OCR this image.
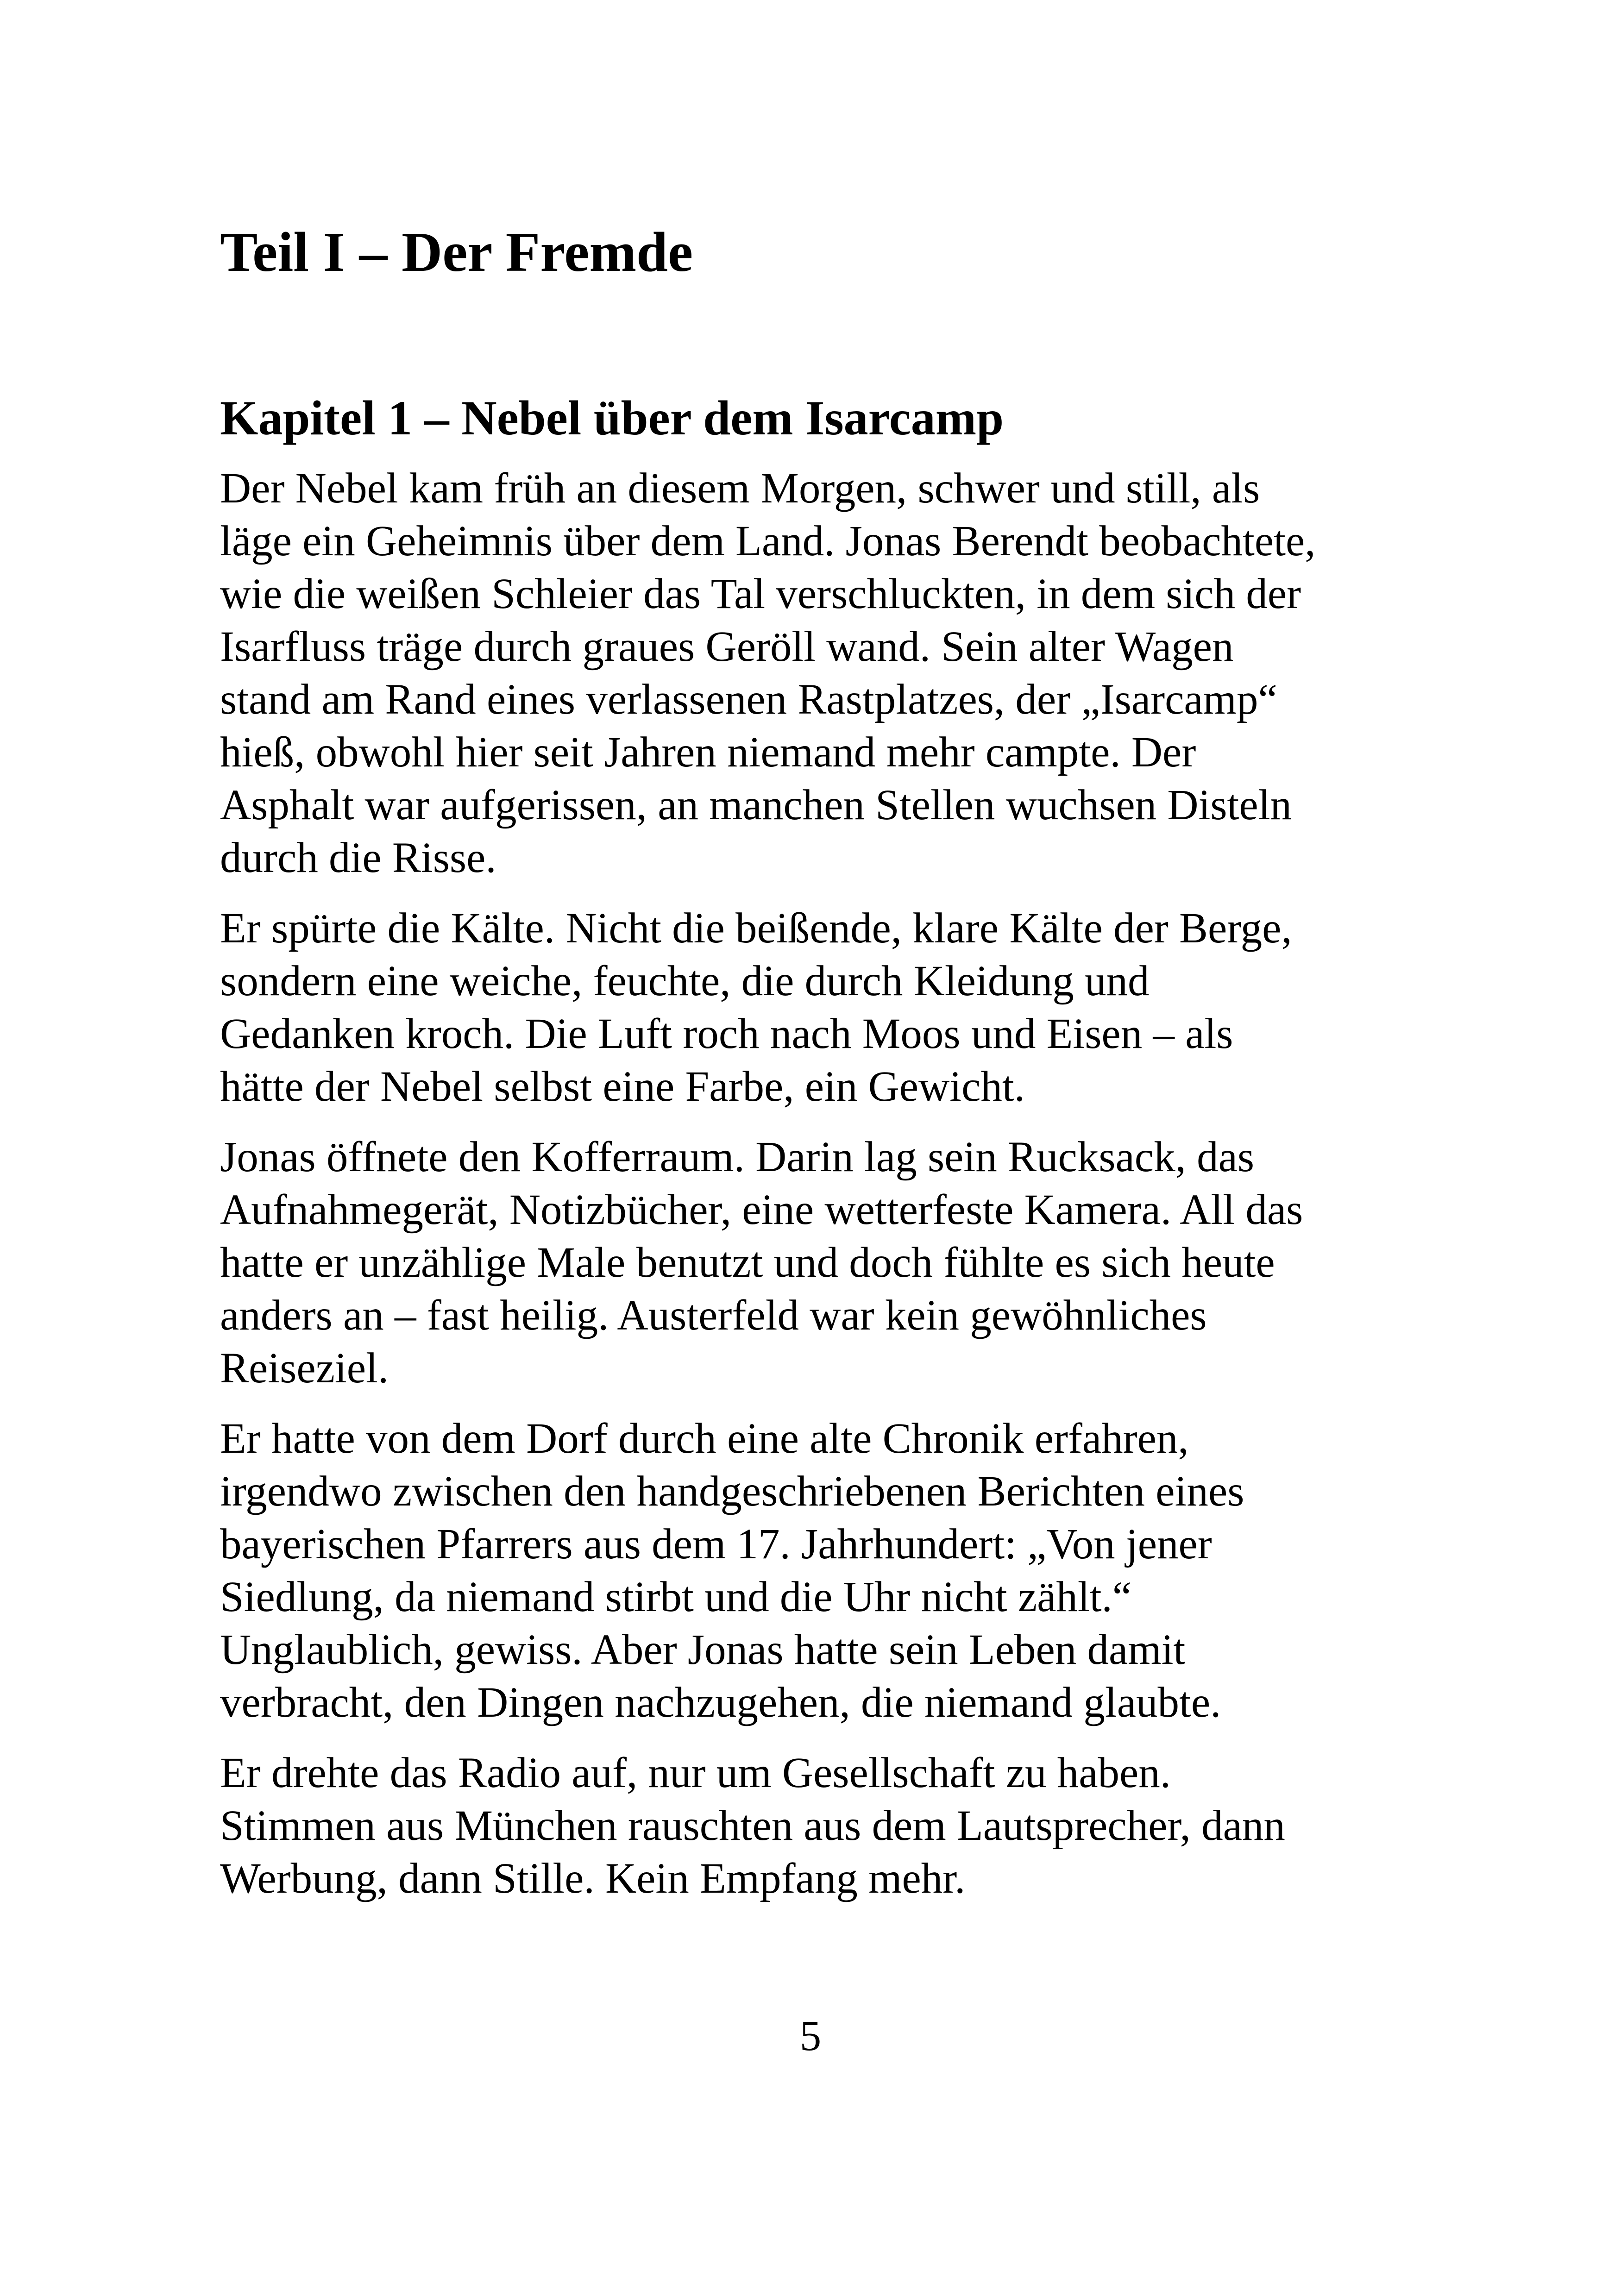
Teil I – Der Fremde
Kapitel 1 – Nebel über dem Isarcamp

Der Nebel kam früh an diesem Morgen, schwer und still, als
läge ein Geheimnis über dem Land. Jonas Berendt beobachtete,
wie die weißen Schleier das Tal verschluckten, in dem sich der
Isarfluss träge durch graues Geröll wand. Sein alter Wagen
stand am Rand eines verlassenen Rastplatzes, der „Isarcamp“
hieß, obwohl hier seit Jahren niemand mehr campte. Der
Asphalt war aufgerissen, an manchen Stellen wuchsen Disteln
durch die Risse.

Er spürte die Kälte. Nicht die beißende, klare Kälte der Berge,
sondern eine weiche, feuchte, die durch Kleidung und
Gedanken kroch. Die Luft roch nach Moos und Eisen – als
hätte der Nebel selbst eine Farbe, ein Gewicht.

Jonas öffnete den Kofferraum. Darin lag sein Rucksack, das
Aufnahmegerät, Notizbücher, eine wetterfeste Kamera. All das
hatte er unzählige Male benutzt und doch fühlte es sich heute
anders an – fast heilig. Austerfeld war kein gewöhnliches
Reiseziel.

Er hatte von dem Dorf durch eine alte Chronik erfahren,
irgendwo zwischen den handgeschriebenen Berichten eines
bayerischen Pfarrers aus dem 17. Jahrhundert: „Von jener
Siedlung, da niemand stirbt und die Uhr nicht zählt.“
Unglaublich, gewiss. Aber Jonas hatte sein Leben damit
verbracht, den Dingen nachzugehen, die niemand glaubte.

Er drehte das Radio auf, nur um Gesellschaft zu haben.
Stimmen aus München rauschten aus dem Lautsprecher, dann
Werbung, dann Stille. Kein Empfang mehr.

5
